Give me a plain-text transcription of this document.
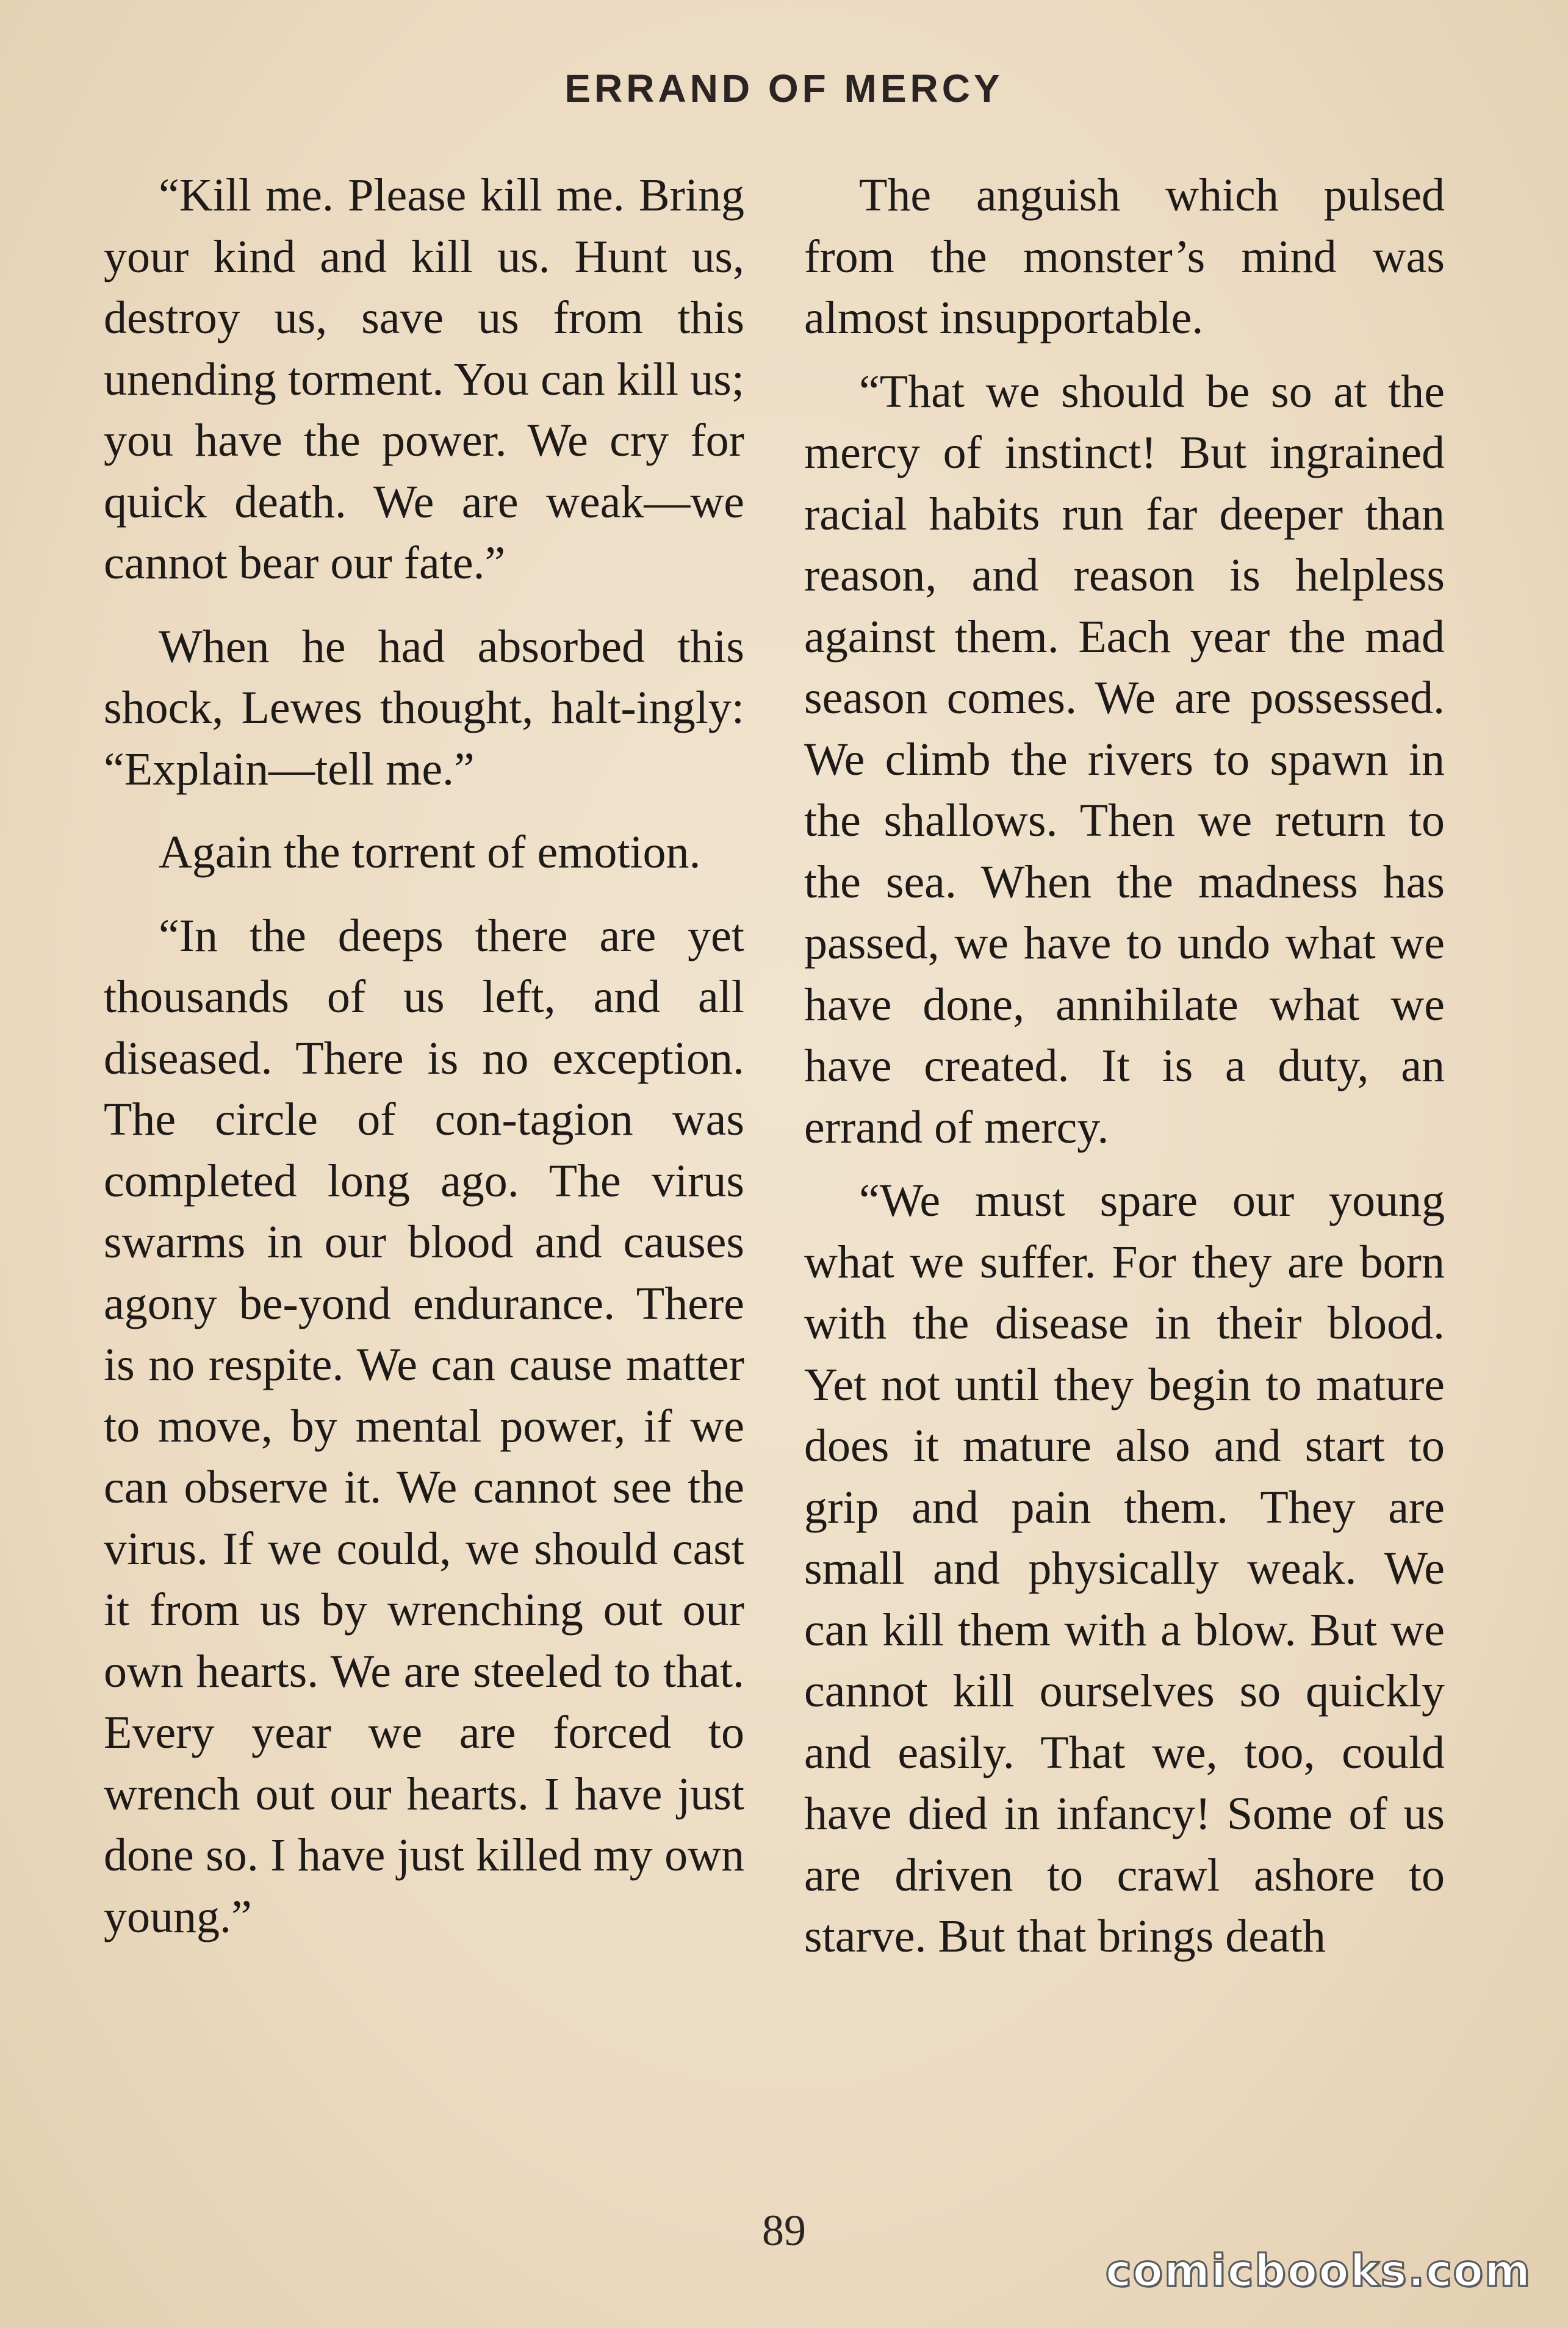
ERRAND OF MERCY

“Kill me. Please kill me. Bring your kind and kill us. Hunt us, destroy us, save us from this unending torment. You can kill us; you have the power. We cry for quick death. We are weak—we cannot bear our fate.”

When he had absorbed this shock, Lewes thought, halt-ingly: “Explain—tell me.”

Again the torrent of emotion.

“In the deeps there are yet thousands of us left, and all diseased. There is no exception. The circle of con-tagion was completed long ago. The virus swarms in our blood and causes agony be-yond endurance. There is no respite. We can cause matter to move, by mental power, if we can observe it. We cannot see the virus. If we could, we should cast it from us by wrenching out our own hearts. We are steeled to that. Every year we are forced to wrench out our hearts. I have just done so. I have just killed my own young.”

The anguish which pulsed from the monster’s mind was almost insupportable.

“That we should be so at the mercy of instinct! But ingrained racial habits run far deeper than reason, and reason is helpless against them. Each year the mad season comes. We are possessed. We climb the rivers to spawn in the shallows. Then we return to the sea. When the madness has passed, we have to undo what we have done, annihilate what we have created. It is a duty, an errand of mercy.

“We must spare our young what we suffer. For they are born with the disease in their blood. Yet not until they begin to mature does it mature also and start to grip and pain them. They are small and physically weak. We can kill them with a blow. But we cannot kill ourselves so quickly and easily. That we, too, could have died in infancy! Some of us are driven to crawl ashore to starve. But that brings death

89
comicbooks.com
